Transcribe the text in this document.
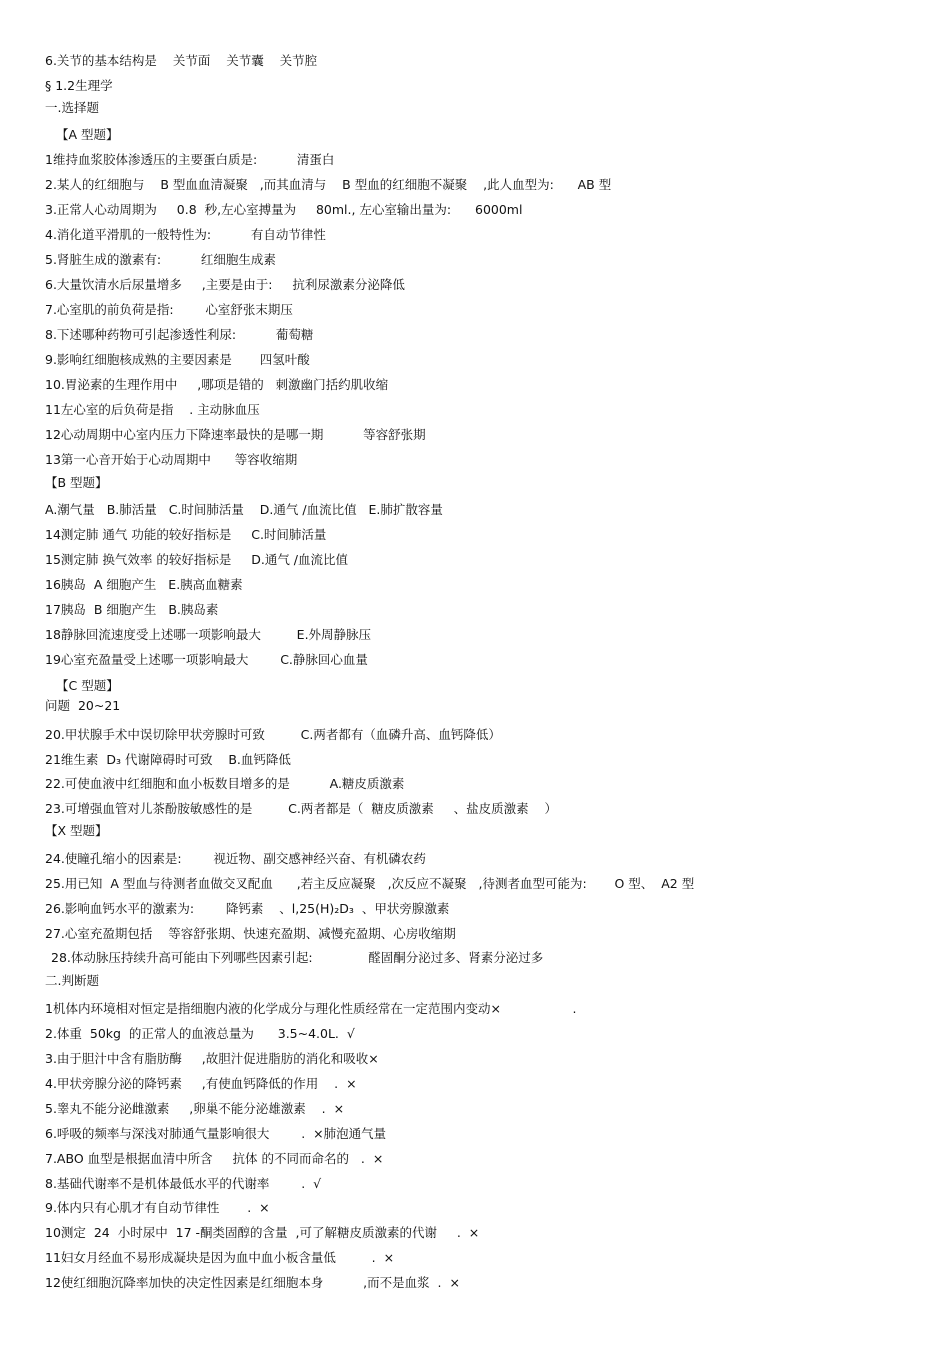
6.关节的基本结构是    关节面    关节囊    关节腔
§ 1.2生理学
一.选择题
【A 型题】
1维持血浆胶体渗透压的主要蛋白质是:          清蛋白
2.某人的红细胞与    B 型血血清凝聚   ,而其血清与    B 型血的红细胞不凝聚    ,此人血型为:      AB 型
3.正常人心动周期为     0.8  秒,左心室搏量为     80ml., 左心室输出量为:      6000ml
4.消化道平滑肌的一般特性为:          有自动节律性
5.肾脏生成的激素有:          红细胞生成素
6.大量饮清水后尿量增多     ,主要是由于:     抗利尿激素分泌降低
7.心室肌的前负荷是指:        心室舒张末期压
8.下述哪种药物可引起渗透性利尿:          葡萄糖
9.影响红细胞核成熟的主要因素是       四氢叶酸
10.胃泌素的生理作用中     ,哪项是错的   刺激幽门括约肌收缩
11左心室的后负荷是指    . 主动脉血压
12心动周期中心室内压力下降速率最快的是哪一期          等容舒张期
13第一心音开始于心动周期中      等容收缩期
【B 型题】
A.潮气量   B.肺活量   C.时间肺活量    D.通气 /血流比值   E.肺扩散容量
14测定肺 通气 功能的较好指标是     C.时间肺活量
15测定肺 换气效率 的较好指标是     D.通气 /血流比值
16胰岛  A 细胞产生   E.胰高血糖素
17胰岛  B 细胞产生   B.胰岛素
18静脉回流速度受上述哪一项影响最大         E.外周静脉压
19心室充盈量受上述哪一项影响最大        C.静脉回心血量
【C 型题】
问题  20~21
20.甲状腺手术中误切除甲状旁腺时可致         C.两者都有（血磷升高、血钙降低）
21维生素  D₃ 代谢障碍时可致    B.血钙降低
22.可使血液中红细胞和血小板数目增多的是          A.糖皮质激素
23.可增强血管对儿茶酚胺敏感性的是         C.两者都是（  糖皮质激素     、盐皮质激素    ）
【X 型题】
24.使瞳孔缩小的因素是:        视近物、副交感神经兴奋、有机磷农药
25.用已知  A 型血与待测者血做交叉配血      ,若主反应凝聚   ,次反应不凝聚   ,待测者血型可能为:       O 型、  A2 型
26.影响血钙水平的激素为:        降钙素    、l,25(H)₂D₃  、甲状旁腺激素
27.心室充盈期包括    等容舒张期、快速充盈期、减慢充盈期、心房收缩期
28.体动脉压持续升高可能由下列哪些因素引起:              醛固酮分泌过多、肾素分泌过多
二.判断题
1机体内环境相对恒定是指细胞内液的化学成分与理化性质经常在一定范围内变动×                  .
2.体重  50kg  的正常人的血液总量为      3.5~4.0L.  √
3.由于胆汁中含有脂肪酶     ,故胆汁促进脂肪的消化和吸收×
4.甲状旁腺分泌的降钙素     ,有使血钙降低的作用    .  ×
5.睾丸不能分泌雌激素     ,卵巢不能分泌雄激素    .  ×
6.呼吸的频率与深浅对肺通气量影响很大        .  ×肺泡通气量
7.ABO 血型是根据血清中所含     抗体 的不同而命名的   .  ×
8.基础代谢率不是机体最低水平的代谢率        .  √
9.体内只有心肌才有自动节律性       .  ×
10测定  24  小时尿中  17 -酮类固醇的含量  ,可了解糖皮质激素的代谢     .  ×
11妇女月经血不易形成凝块是因为血中血小板含量低         .  ×
12使红细胞沉降率加快的决定性因素是红细胞本身          ,而不是血浆  .  ×
